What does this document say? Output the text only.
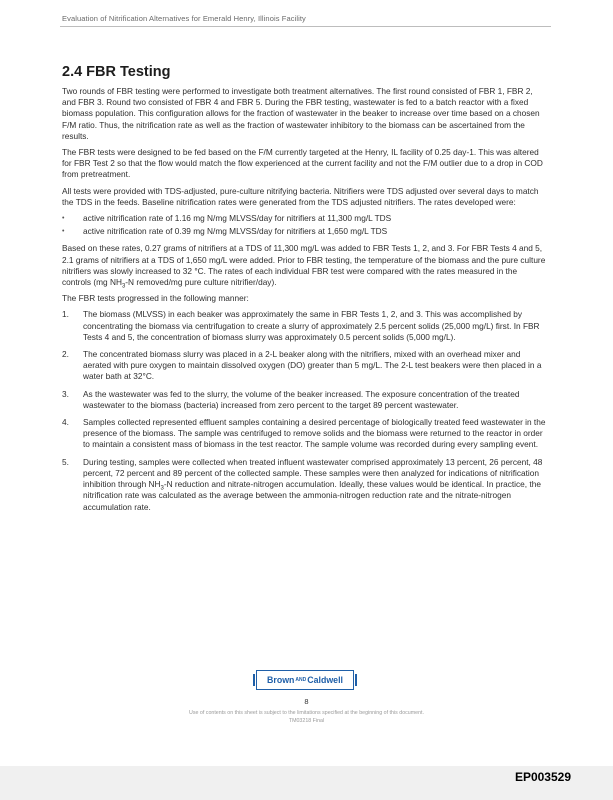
Evaluation of Nitrification Alternatives for Emerald Henry, Illinois Facility
2.4 FBR Testing

Two rounds of FBR testing were performed to investigate both treatment alternatives. The first round consisted of FBR 1, FBR 2, and FBR 3. Round two consisted of FBR 4 and FBR 5. During the FBR testing, wastewater is fed to a batch reactor with a fixed biomass population. This configuration allows for the fraction of wastewater in the beaker to increase over time based on a chosen F/M ratio. Thus, the nitrification rate as well as the fraction of wastewater inhibitory to the biomass can be ascertained from the results.

The FBR tests were designed to be fed based on the F/M currently targeted at the Henry, IL facility of 0.25 day-1. This was altered for FBR Test 2 so that the flow would match the flow experienced at the current facility and not the F/M outlier due to a drop in COD from pretreatment.

All tests were provided with TDS-adjusted, pure-culture nitrifying bacteria. Nitrifiers were TDS adjusted over several days to match the TDS in the feeds. Baseline nitrification rates were generated from the TDS adjusted nitrifiers. The rates developed were:

• active nitrification rate of 1.16 mg N/mg MLVSS/day for nitrifiers at 11,300 mg/L TDS
• active nitrification rate of 0.39 mg N/mg MLVSS/day for nitrifiers at 1,650 mg/L TDS

Based on these rates, 0.27 grams of nitrifiers at a TDS of 11,300 mg/L was added to FBR Tests 1, 2, and 3. For FBR Tests 4 and 5, 2.1 grams of nitrifiers at a TDS of 1,650 mg/L were added. Prior to FBR testing, the temperature of the biomass and the pure culture nitrifiers was slowly increased to 32 °C. The rates of each individual FBR test were compared with the rates measured in the controls (mg $NH_3-N$ removed/mg pure culture nitrifier/day).

The FBR tests progressed in the following manner:

1. The biomass (MLVSS) in each beaker was approximately the same in FBR Tests 1, 2, and 3. This was accomplished by concentrating the biomass via centrifugation to create a slurry of approximately 2.5 percent solids (25,000 mg/L) first. In FBR Tests 4 and 5, the concentration of biomass slurry was approximately 0.5 percent solids (5,000 mg/L).
2. The concentrated biomass slurry was placed in a 2-L beaker along with the nitrifiers, mixed with an overhead mixer and aerated with pure oxygen to maintain dissolved oxygen (DO) greater than 5 mg/L. The 2-L test beakers were then placed in a water bath at 32°C.
3. As the wastewater was fed to the slurry, the volume of the beaker increased. The exposure concentration of the treated wastewater to the biomass (bacteria) increased from zero percent to the target 89 percent wastewater.
4. Samples collected represented effluent samples containing a desired percentage of biologically treated feed wastewater in the presence of the biomass. The sample was centrifuged to remove solids and the biomass were returned to the reactor in order to maintain a consistent mass of biomass in the test reactor. The sample volume was recorded during every sampling event.
5. During testing, samples were collected when treated influent wastewater comprised approximately 13 percent, 26 percent, 48 percent, 72 percent and 89 percent of the collected sample. These samples were then analyzed for indications of nitrification inhibition through $NH_3-N$ reduction and nitrate-nitrogen accumulation. Ideally, these values would be identical. In practice, the nitrification rate was calculated as the average between the ammonia-nitrogen reduction rate and the nitrate-nitrogen accumulation rate.
Brown AND Caldwell
8
Use of contents on this sheet is subject to the limitations specified at the beginning of this document.
TM03218 Final
EP003529
